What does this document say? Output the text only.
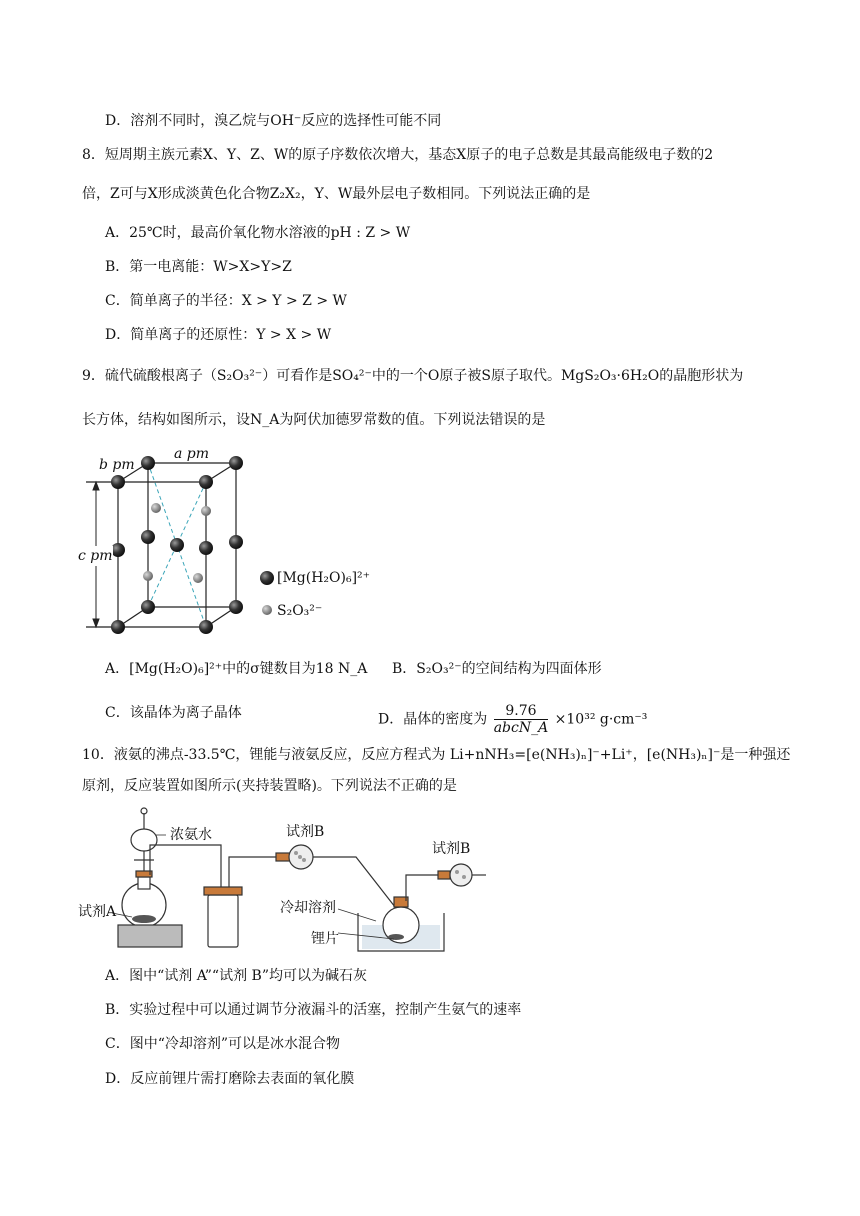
D．溶剂不同时，溴乙烷与OH⁻反应的选择性可能不同
8．短周期主族元素X、Y、Z、W的原子序数依次增大，基态X原子的电子总数是其最高能级电子数的2
倍，Z可与X形成淡黄色化合物Z₂X₂，Y、W最外层电子数相同。下列说法正确的是
A．25℃时，最高价氧化物水溶液的pH : Z > W
B．第一电离能：W>X>Y>Z
C．简单离子的半径：X > Y > Z > W
D．简单离子的还原性：Y > X > W
9．硫代硫酸根离子（S₂O₃²⁻）可看作是SO₄²⁻中的一个O原子被S原子取代。MgS₂O₃·6H₂O的晶胞形状为
长方体，结构如图所示，设N_A为阿伏加德罗常数的值。下列说法错误的是
a pm
b pm
c pm
[Mg(H₂O)₆]²⁺
S₂O₃²⁻
A．[Mg(H₂O)₆]²⁺中的σ键数目为18 N_A B．S₂O₃²⁻的空间结构为四面体形
C．该晶体为离子晶体	D．晶体的密度为
9.76
abcN_A
×10³² g·cm⁻³
10．液氨的沸点-33.5℃，锂能与液氨反应，反应方程式为 Li+nNH₃=[e(NH₃)ₙ]⁻+Li⁺，[e(NH₃)ₙ]⁻是一种强还
原剂，反应装置如图所示(夹持装置略)。下列说法不正确的是
浓氨水	试剂B
试剂B
试剂A	冷却溶剂
锂片
A．图中“试剂 A”“试剂 B”均可以为碱石灰
B．实验过程中可以通过调节分液漏斗的活塞，控制产生氨气的速率
C．图中“冷却溶剂”可以是冰水混合物
D．反应前锂片需打磨除去表面的氧化膜
